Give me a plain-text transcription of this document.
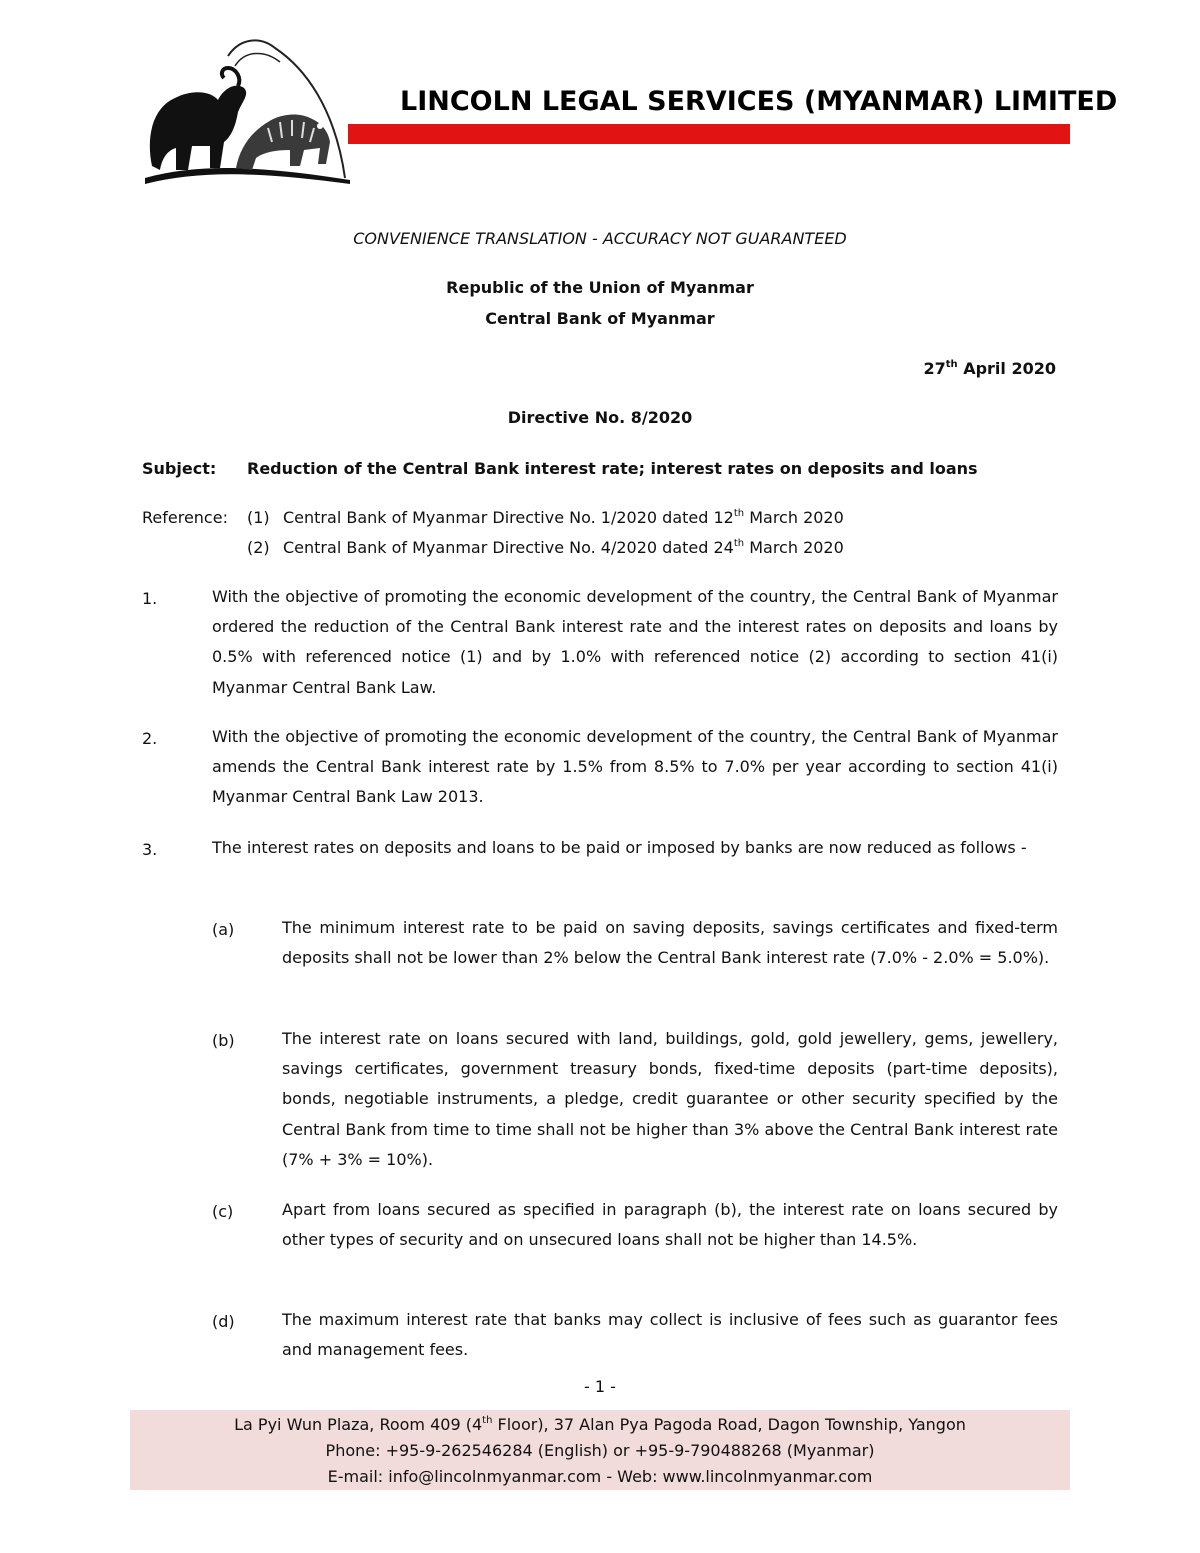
LINCOLN LEGAL SERVICES (MYANMAR) LIMITED
CONVENIENCE TRANSLATION - ACCURACY NOT GUARANTEED
Republic of the Union of Myanmar
Central Bank of Myanmar
27th April 2020
Directive No. 8/2020
Subject: Reduction of the Central Bank interest rate; interest rates on deposits and loans
Reference: (1) Central Bank of Myanmar Directive No. 1/2020 dated 12th March 2020
(2) Central Bank of Myanmar Directive No. 4/2020 dated 24th March 2020
1.	With the objective of promoting the economic development of the country, the Central Bank of Myanmar ordered the reduction of the Central Bank interest rate and the interest rates on deposits and loans by 0.5% with referenced notice (1) and by 1.0% with referenced notice (2) according to section 41(i) Myanmar Central Bank Law.
2.	With the objective of promoting the economic development of the country, the Central Bank of Myanmar amends the Central Bank interest rate by 1.5% from 8.5% to 7.0% per year according to section 41(i) Myanmar Central Bank Law 2013.
3.	The interest rates on deposits and loans to be paid or imposed by banks are now reduced as follows -
(a)	The minimum interest rate to be paid on saving deposits, savings certificates and fixed-term deposits shall not be lower than 2% below the Central Bank interest rate (7.0% - 2.0% = 5.0%).
(b)	The interest rate on loans secured with land, buildings, gold, gold jewellery, gems, jewellery, savings certificates, government treasury bonds, fixed-time deposits (part-time deposits), bonds, negotiable instruments, a pledge, credit guarantee or other security specified by the Central Bank from time to time shall not be higher than 3% above the Central Bank interest rate (7% + 3% = 10%).
(c)	Apart from loans secured as specified in paragraph (b), the interest rate on loans secured by other types of security and on unsecured loans shall not be higher than 14.5%.
(d)	The maximum interest rate that banks may collect is inclusive of fees such as guarantor fees and management fees.
- 1 -
La Pyi Wun Plaza, Room 409 (4th Floor), 37 Alan Pya Pagoda Road, Dagon Township, Yangon
Phone: +95-9-262546284 (English) or +95-9-790488268 (Myanmar)
E-mail: info@lincolnmyanmar.com - Web: www.lincolnmyanmar.com
